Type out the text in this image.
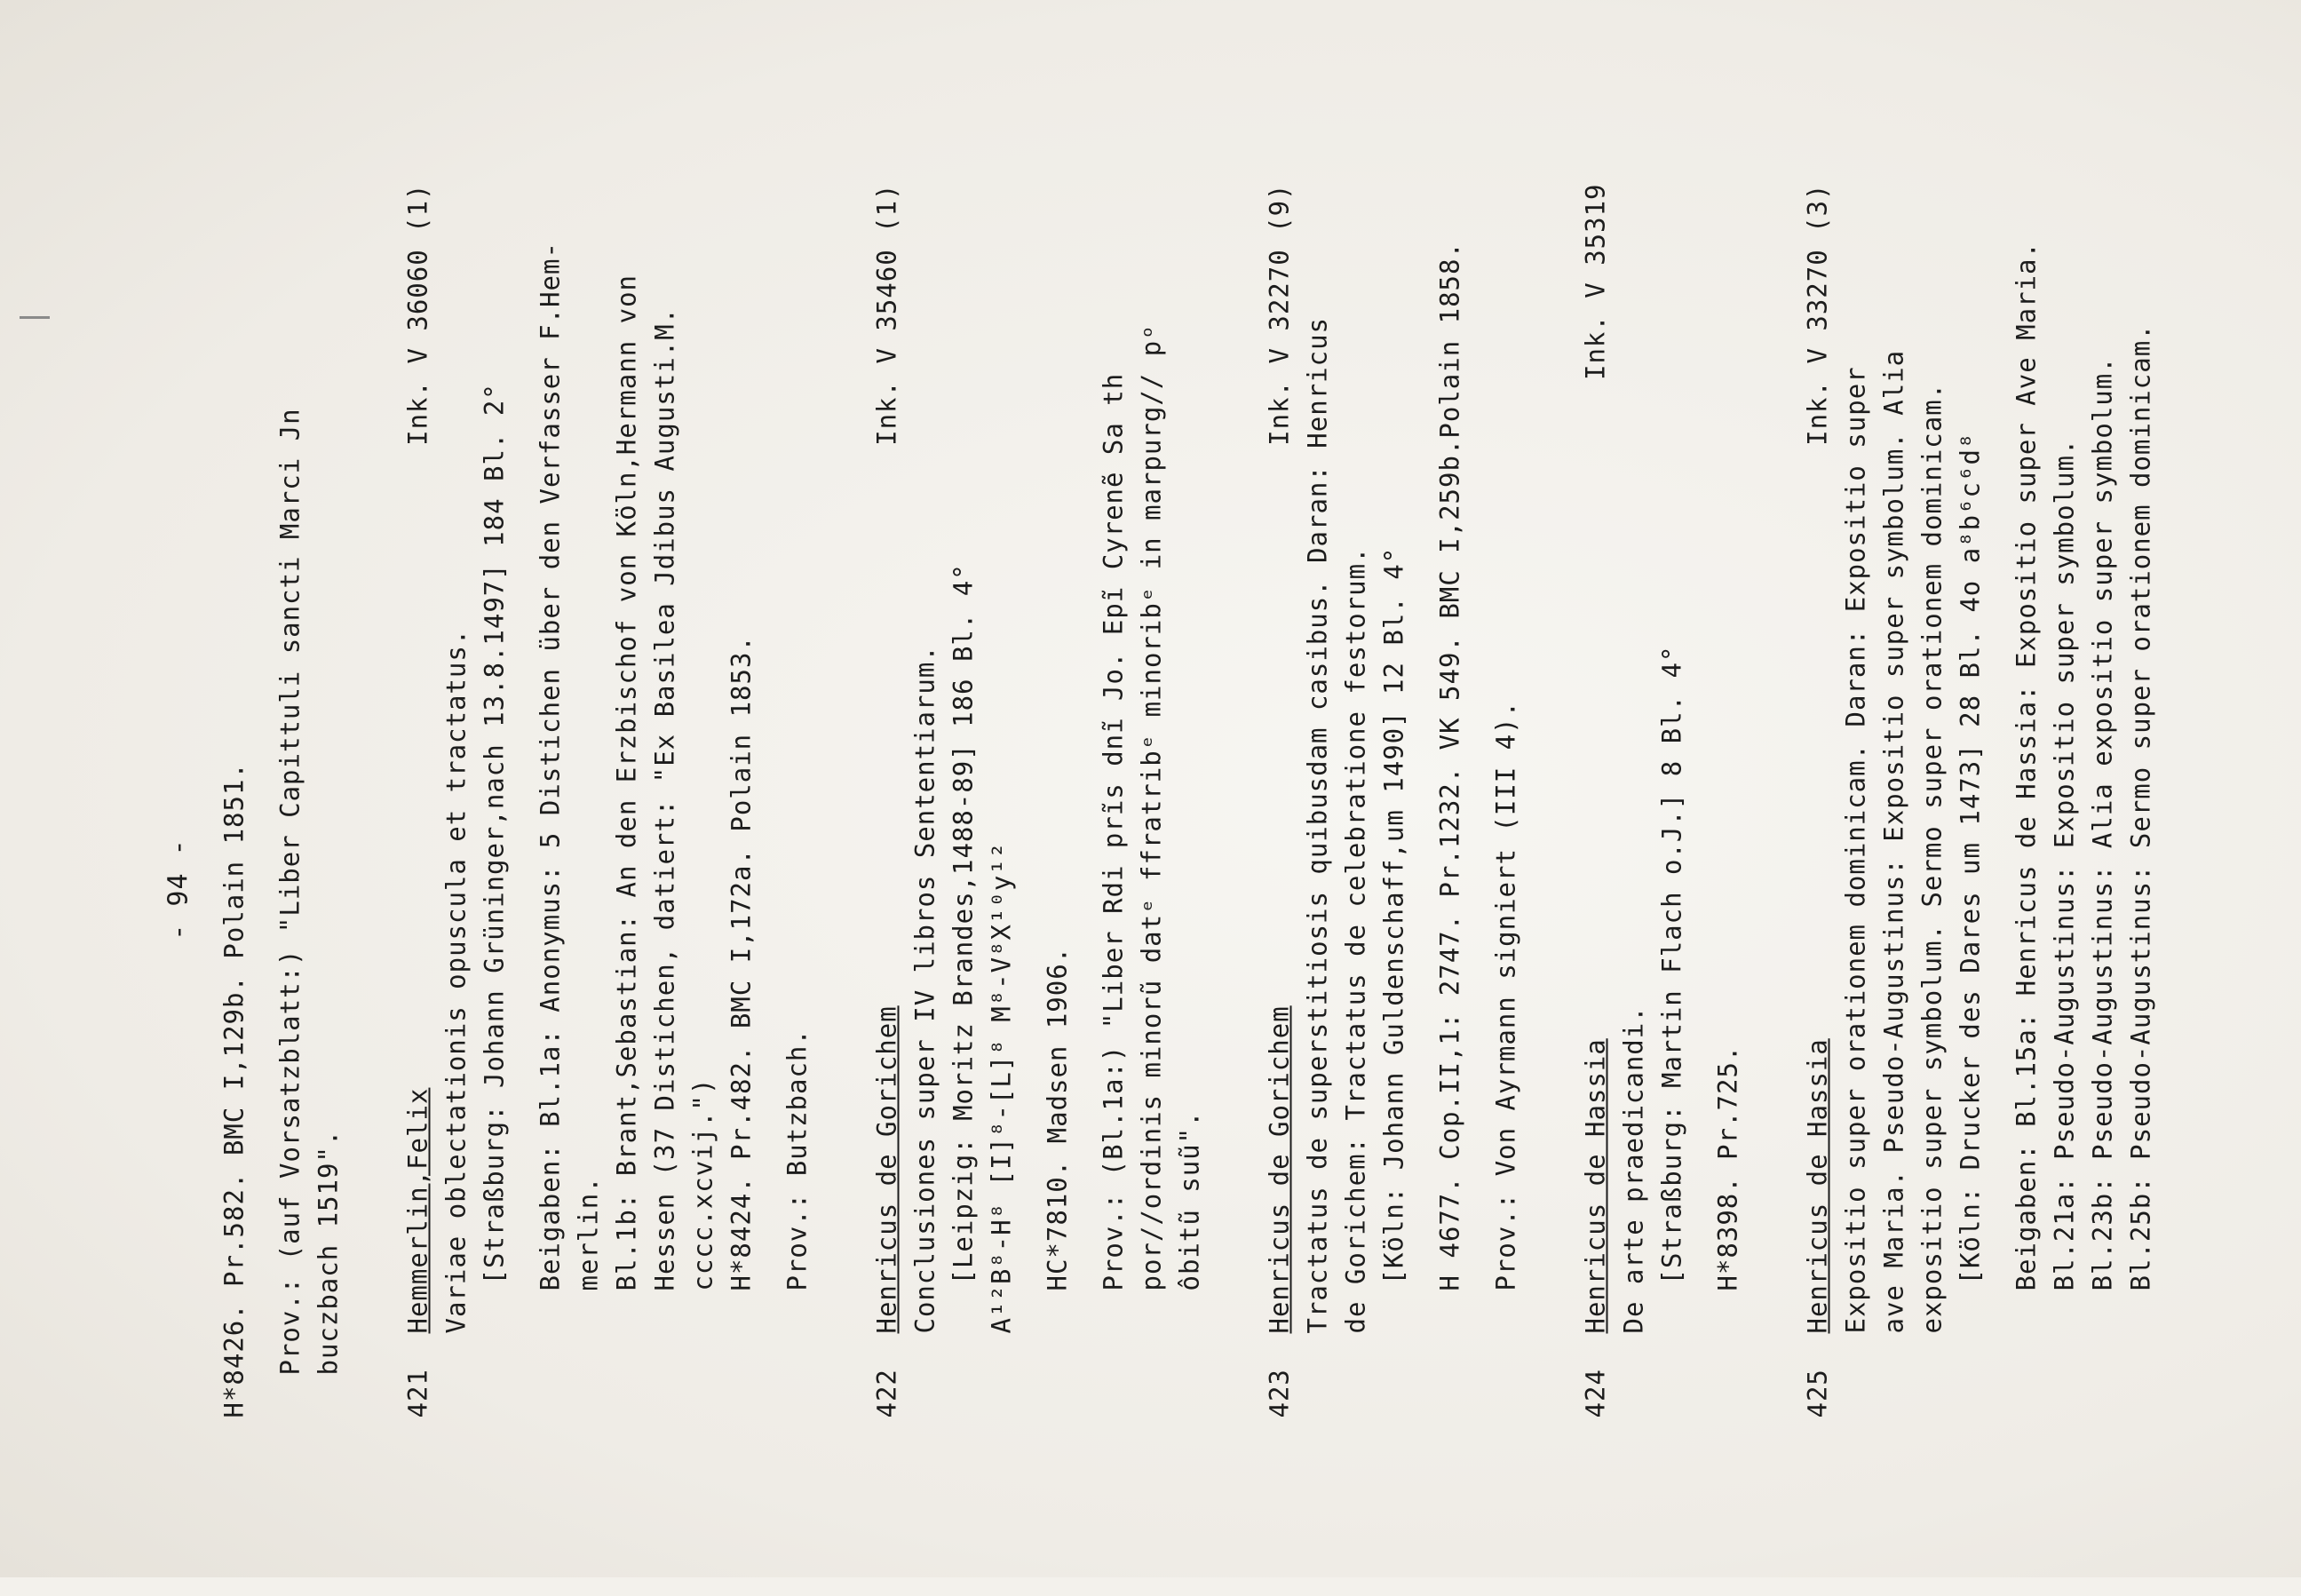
- 94 - H*8426. Pr.582. BMC I,129b. Polain 1851. Prov.: (auf Vorsatzblatt:) "Liber Capittuli sancti Marci Jn buczbach 1519".
421
Ink. V 36060 (1)
Hemmerlin,Felix Variae oblectationis opuscula et tractatus. [Straßburg: Johann Grüninger,nach 13.8.1497] 184 Bl. 2° Beigaben: Bl.1a: Anonymus: 5 Distichen über den Verfasser F.Hem- merlin. Bl.1b: Brant,Sebastian: An den Erzbischof von Köln,Hermann von Hessen (37 Distichen, datiert: "Ex Basilea Jdibus Augusti.M. cccc.xcvij.") H*8424. Pr.482. BMC I,172a. Polain 1853. Prov.: Butzbach.
422
Ink. V 35460 (1)
Henricus de Gorichem Conclusiones super IV libros Sententiarum. [Leipzig: Moritz Brandes,1488-89] 186 Bl. 4° A¹²B⁸-H⁸ [I]⁸-[L]⁸ M⁸-V⁸X¹⁰y¹² HC*7810. Madsen 1906. Prov.: (Bl.1a:) "Liber Rdi prĩs dnĩ Jo. Epĩ Cyrenẽ Sa th por//ordinis minorũ datᵉ ffratribᵉ minoribᵉ in marpurg// pᵒ ôbitũ suũ".
423
Ink. V 32270 (9)
Henricus de Gorichem Tractatus de superstitiosis quibusdam casibus. Daran: Henricus de Gorichem: Tractatus de celebratione festorum. [Köln: Johann Guldenschaff,um 1490] 12 Bl. 4° H 4677. Cop.II,1: 2747. Pr.1232. VK 549. BMC I,259b.Polain 1858. Prov.: Von Ayrmann signiert (III 4).
424
Ink. V 35319
Henricus de Hassia De arte praedicandi. [Straßburg: Martin Flach o.J.] 8 Bl. 4° H*8398. Pr.725.
425
Ink. V 33270 (3)
Henricus de Hassia Expositio super orationem dominicam. Daran: Expositio super ave Maria. Pseudo-Augustinus: Expositio super symbolum. Alia expositio super symbolum. Sermo super orationem dominicam. [Köln: Drucker des Dares um 1473] 28 Bl. 4o a⁸b⁶c⁶d⁸ Beigaben: Bl.15a: Henricus de Hassia: Expositio super Ave Maria. Bl.21a: Pseudo-Augustinus: Expositio super symbolum. Bl.23b: Pseudo-Augustinus: Alia expositio super symbolum. Bl.25b: Pseudo-Augustinus: Sermo super orationem dominicam.
